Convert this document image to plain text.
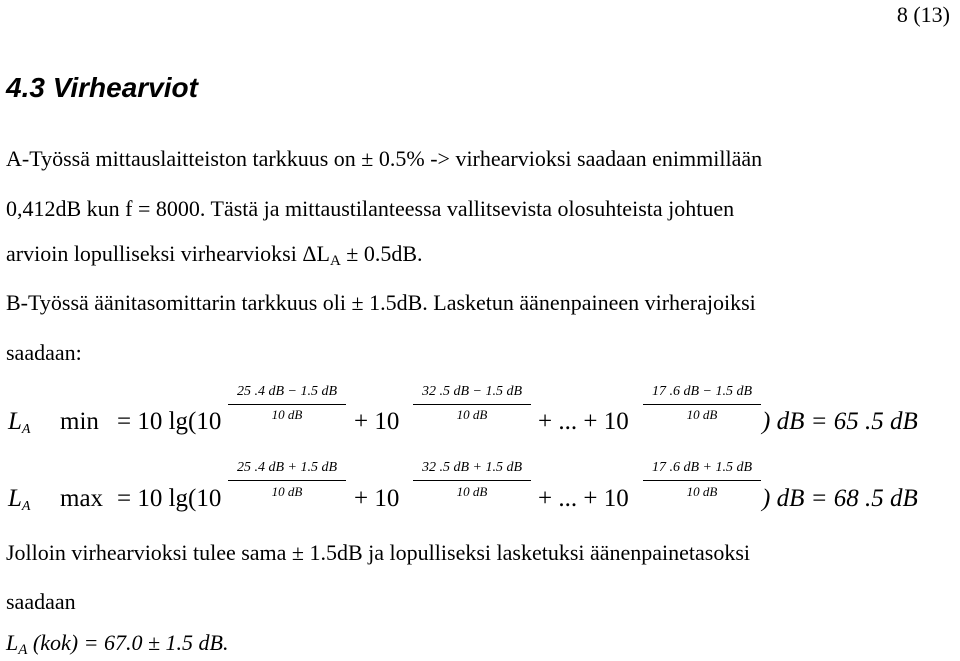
8 (13)
4.3 Virhearviot
A-Työssä mittauslaitteiston tarkkuus on ± 0.5% -> virhearvioksi saadaan enimmillään
0,412dB kun f = 8000. Tästä ja mittaustilanteessa vallitsevista olosuhteista johtuen
arvioin lopulliseksi virhearvioksi $\Delta L_A \pm 0.5dB$.
B-Työssä äänitasomittarin tarkkuus oli ± 1.5dB. Lasketun äänenpaineen virherajoiksi
saadaan:
$L_A$ min = 10 lg(10
25 .4 dB − 1.5 dB
10 dB	+ 10
32 .5 dB − 1.5 dB
10 dB	+ ... + 10
17 .6 dB − 1.5 dB
10 dB	) dB = 65 .5 dB
$L_A$ max = 10 lg(10
25 .4 dB + 1.5 dB
10 dB	+ 10
32 .5 dB + 1.5 dB
10 dB	+ ... + 10
17 .6 dB + 1.5 dB
10 dB	) dB = 68 .5 dB
Jolloin virhearvioksi tulee sama ± 1.5dB ja lopulliseksi lasketuksi äänenpainetasoksi
saadaan
$L_A$ (kok) = 67.0 ± 1.5 dB.
